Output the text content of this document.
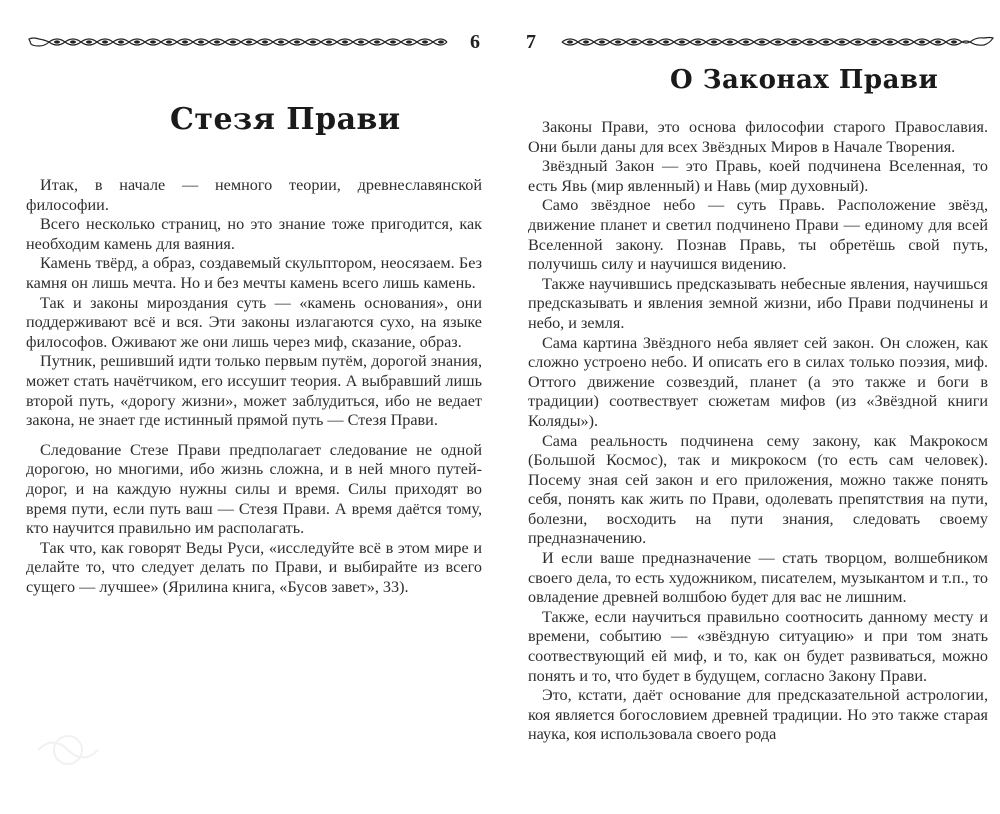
6
Стезя Прави

Итак, в начале — немного теории, древнеславянской философии.

Всего несколько страниц, но это знание тоже пригодится, как необходим камень для ваяния.

Камень твёрд, а образ, создавемый скульптором, неосязаем. Без камня он лишь мечта. Но и без мечты камень всего лишь камень.

Так и законы мироздания суть — «камень основания», они поддерживают всё и вся. Эти законы излагаются сухо, на языке философов. Оживают же они лишь через миф, сказание, образ.

Путник, решивший идти только первым путём, дорогой знания, может стать начётчиком, его иссушит теория. А выбравший лишь второй путь, «дорогу жизни», может заблудиться, ибо не ведает закона, не знает где истинный прямой путь — Стезя Прави.

Следование Стезе Прави предполагает следование не одной дорогою, но многими, ибо жизнь сложна, и в ней много путей-дорог, и на каждую нужны силы и время. Силы приходят во время пути, если путь ваш — Стезя Прави. А время даётся тому, кто научится правильно им располагать.

Так что, как говорят Веды Руси, «исследуйте всё в этом мире и делайте то, что следует делать по Прави, и выбирайте из всего сущего — лучшее» (Ярилина книга, «Бусов завет», 33).

7
О Законах Прави

Законы Прави, это основа философии старого Православия. Они были даны для всех Звёздных Миров в Начале Творения.

Звёздный Закон — это Правь, коей подчинена Вселенная, то есть Явь (мир явленный) и Навь (мир духовный).

Само звёздное небо — суть Правь. Расположение звёзд, движение планет и светил подчинено Прави — единому для всей Вселенной закону. Познав Правь, ты обретёшь свой путь, получишь силу и научишся видению.

Также научившись предсказывать небесные явления, научишься предсказывать и явления земной жизни, ибо Прави подчинены и небо, и земля.

Сама картина Звёздного неба являет сей закон. Он сложен, как сложно устроено небо. И описать его в силах только поэзия, миф. Оттого движение созвездий, планет (а это также и боги в традиции) соотвествует сюжетам мифов (из «Звёздной книги Коляды»).

Сама реальность подчинена сему закону, как Макрокосм (Большой Космос), так и микрокосм (то есть сам человек). Посему зная сей закон и его приложения, можно также понять себя, понять как жить по Прави, одолевать препятствия на пути, болезни, восходить на пути знания, следовать своему предназначению.

И если ваше предназначение — стать творцом, волшебником своего дела, то есть художником, писателем, музыкантом и т.п., то овладение древней волшбою будет для вас не лишним.

Также, если научиться правильно соотносить данному месту и времени, событию — «звёздную ситуацию» и при том знать соотвествующий ей миф, и то, как он будет развиваться, можно понять и то, что будет в будущем, согласно Закону Прави.

Это, кстати, даёт основание для предсказательной астрологии, коя является богословием древней традиции. Но это также старая наука, коя использовала своего рода
